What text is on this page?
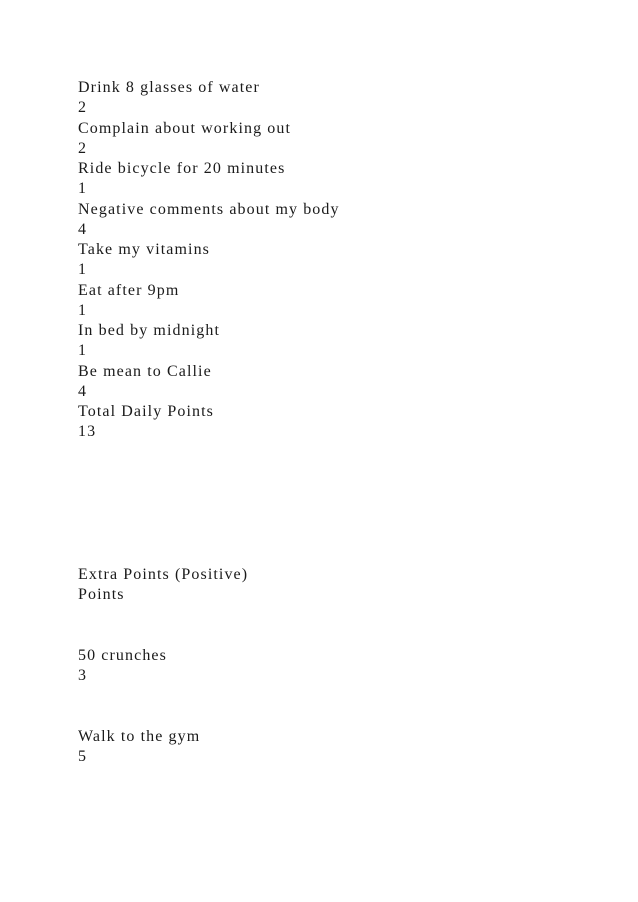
Drink 8 glasses of water

2

Complain about working out

2

Ride bicycle for 20 minutes

1

Negative comments about my body

4

Take my vitamins

1

Eat after 9pm

1

In bed by midnight

1

Be mean to Callie

4

Total Daily Points

13

Extra Points (Positive)

Points

50 crunches

3

Walk to the gym

5
